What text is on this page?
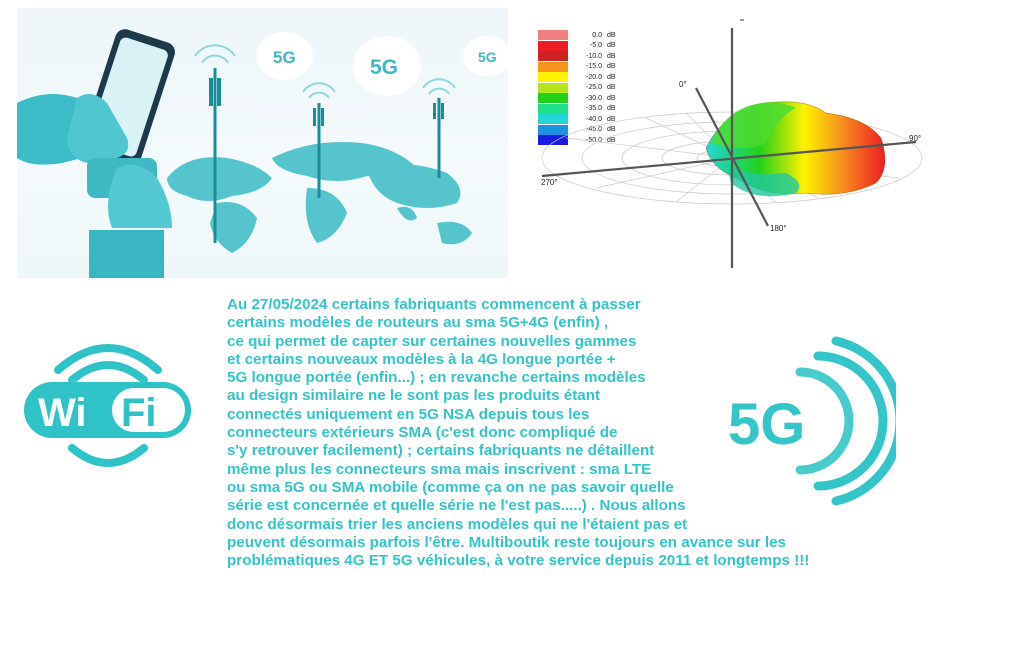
5G	5G	5G
0.0 dB
-5.0 dB
-10.0 dB
-15.0 dB
-20.0 dB
-25.0 dB
-30.0 dB
-35.0 dB
-40.0 dB
-45.0 dB
-50.0 dB
0°
90°
180°
270°
Wi Fi	5G
Au 27/05/2024 certains fabriquants commencent à passer
certains modèles de routeurs au sma 5G+4G (enfin) ,
ce qui permet de capter sur certaines nouvelles gammes
et certains nouveaux modèles à la 4G longue portée +
5G longue portée (enfin...) ; en revanche certains modèles
au design similaire ne le sont pas les produits étant
connectés uniquement en 5G NSA depuis tous les
connecteurs extérieurs SMA (c'est donc compliqué de
s'y retrouver facilement) ; certains fabriquants ne détaillent
même plus les connecteurs sma mais inscrivent : sma LTE
ou sma 5G ou SMA mobile (comme ça on ne pas savoir quelle
série est concernée et quelle série ne l'est pas.....) . Nous allons
donc désormais trier les anciens modèles qui ne l'étaient pas et
peuvent désormais parfois l'être. Multiboutik reste toujours en avance sur les
problématiques 4G ET 5G véhicules, à votre service depuis 2011 et longtemps !!!
